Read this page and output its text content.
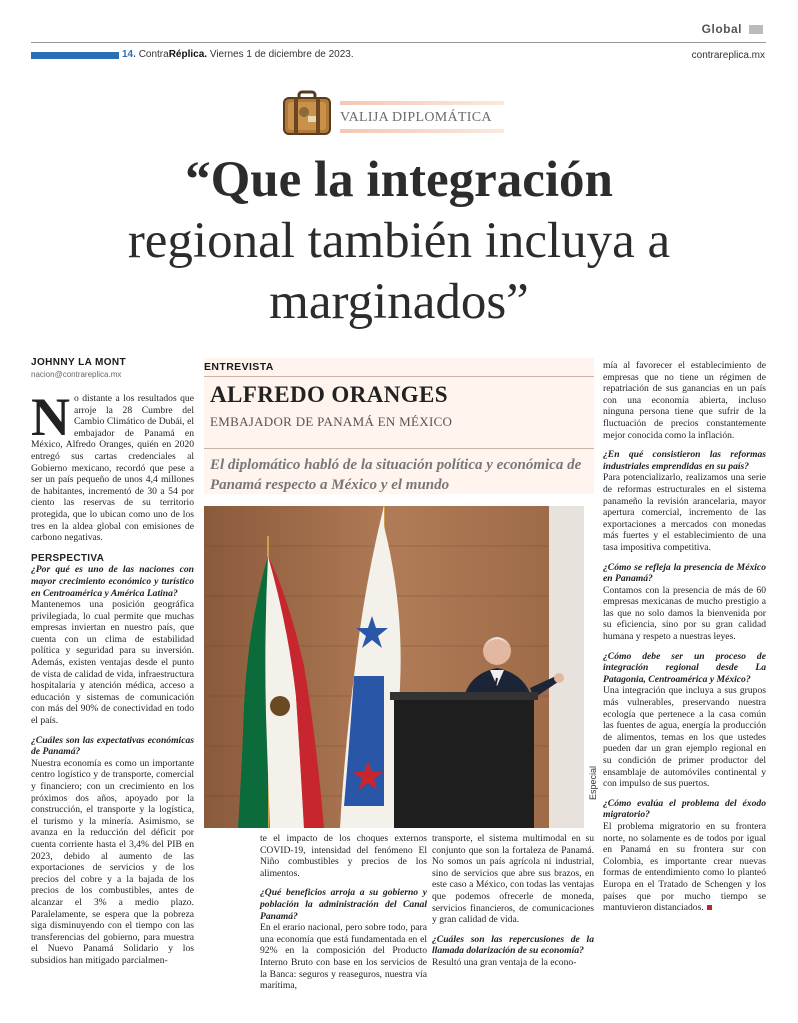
Global
14. ContraRéplica. Viernes 1 de diciembre de 2023.	contrareplica.mx
VALIJA DIPLOMÁTICA
“Que la integración
regional también incluya a
marginados”
JOHNNY LA MONT
nacion@contrareplica.mx
N o distante a los resultados que arroje la 28 Cumbre del Cambio Climático de Dubái, el embajador de Panamá en México, Alfredo Oranges, quién en 2020 entregó sus cartas credenciales al Gobierno mexicano, recordó que pese a ser un país pequeño de unos 4,4 millones de habitantes, incrementó de 30 a 54 por ciento las reservas de su territorio protegida, que lo ubican como uno de los tres en la aldea global con emisiones de carbono negativas.

PERSPECTIVA

¿Por qué es uno de las naciones con mayor crecimiento económico y turístico en Centroamérica y América Latina?

Mantenemos una posición geográfica privilegiada, lo cual permite que muchas empresas inviertan en nuestro país, que cuenta con un clima de estabilidad política y seguridad para su inversión. Además, existen ventajas desde el punto de vista de calidad de vida, infraestructura hospitalaria y atención médica, acceso a educación y sistemas de comunicación con más del 90% de conectividad en todo el país.

¿Cuáles son las expectativas económicas de Panamá?

Nuestra economía es como un importante centro logístico y de transporte, comercial y financiero; con un crecimiento en los próximos dos años, apoyado por la construcción, el transporte y la logística, el turismo y la minería. Asimismo, se avanza en la reducción del déficit por cuenta corriente hasta el 3,4% del PIB en 2023, debido al aumento de las exportaciones de servicios y de los precios del cobre y a la bajada de los precios de los combustibles, antes de alcanzar el 3% a medio plazo. Paralelamente, se espera que la pobreza siga disminuyendo con el tiempo con las transferencias del gobierno, para muestra el Nuevo Panamá Solidario y los subsidios han mitigado parcialmen-

ENTREVISTA
ALFREDO ORANGES
EMBAJADOR DE PANAMÁ EN MÉXICO
El diplomático habló de la situación política y económica de Panamá respecto a México y el mundo
Especial

te el impacto de los choques externos COVID-19, intensidad del fenómeno El Niño combustibles y precios de los alimentos.

¿Qué beneficios arroja a su gobierno y población la administración del Canal Panamá?

En el erario nacional, pero sobre todo, para una economía que está fundamentada en el 92% en la composición del Producto Interno Bruto con base en los servicios de la Banca: seguros y reaseguros, nuestra vía marítima,

transporte, el sistema multimodal en su conjunto que son la fortaleza de Panamá. No somos un país agrícola ni industrial, sino de servicios que abre sus brazos, en este caso a México, con todas las ventajas que podemos ofrecerle de moneda, servicios financieros, de comunicaciones y gran calidad de vida.

¿Cuáles son las repercusiones de la llamada dolarización de su economía?

Resultó una gran ventaja de la econo-

mía al favorecer el establecimiento de empresas que no tiene un régimen de repatriación de sus ganancias en un país con una economía abierta, incluso ninguna persona tiene que sufrir de la fluctuación de precios constantemente mejor conocida como la inflación.

¿En qué consistieron las reformas industriales emprendidas en su país?

Para potencializarlo, realizamos una serie de reformas estructurales en el sistema panameño la revisión arancelaria, mayor apertura comercial, incremento de las exportaciones a mercados con monedas más fuertes y el establecimiento de una tasa impositiva competitiva.

¿Cómo se refleja la presencia de México en Panamá?

Contamos con la presencia de más de 60 empresas mexicanas de mucho prestigio a las que no solo damos la bienvenida por su eficiencia, sino por su gran calidad humana y respeto a nuestras leyes.

¿Cómo debe ser un proceso de integración regional desde La Patagonia, Centroamérica y México?

Una integración que incluya a sus grupos más vulnerables, preservando nuestra ecología que pertenece a la casa común las fuentes de agua, energía la producción de alimentos, temas en los que ustedes pueden dar un gran ejemplo regional en su condición de primer productor del ensamblaje de automóviles continental y con impulso de sus puertos.

¿Cómo evalúa el problema del éxodo migratorio?

El problema migratorio en su frontera norte, no solamente es de todos por igual en Panamá en su frontera sur con Colombia, es importante crear nuevas formas de entendimiento como lo planteó Europa en el Tratado de Schengen y los países que por mucho tiempo se mantuvieron distanciados.
